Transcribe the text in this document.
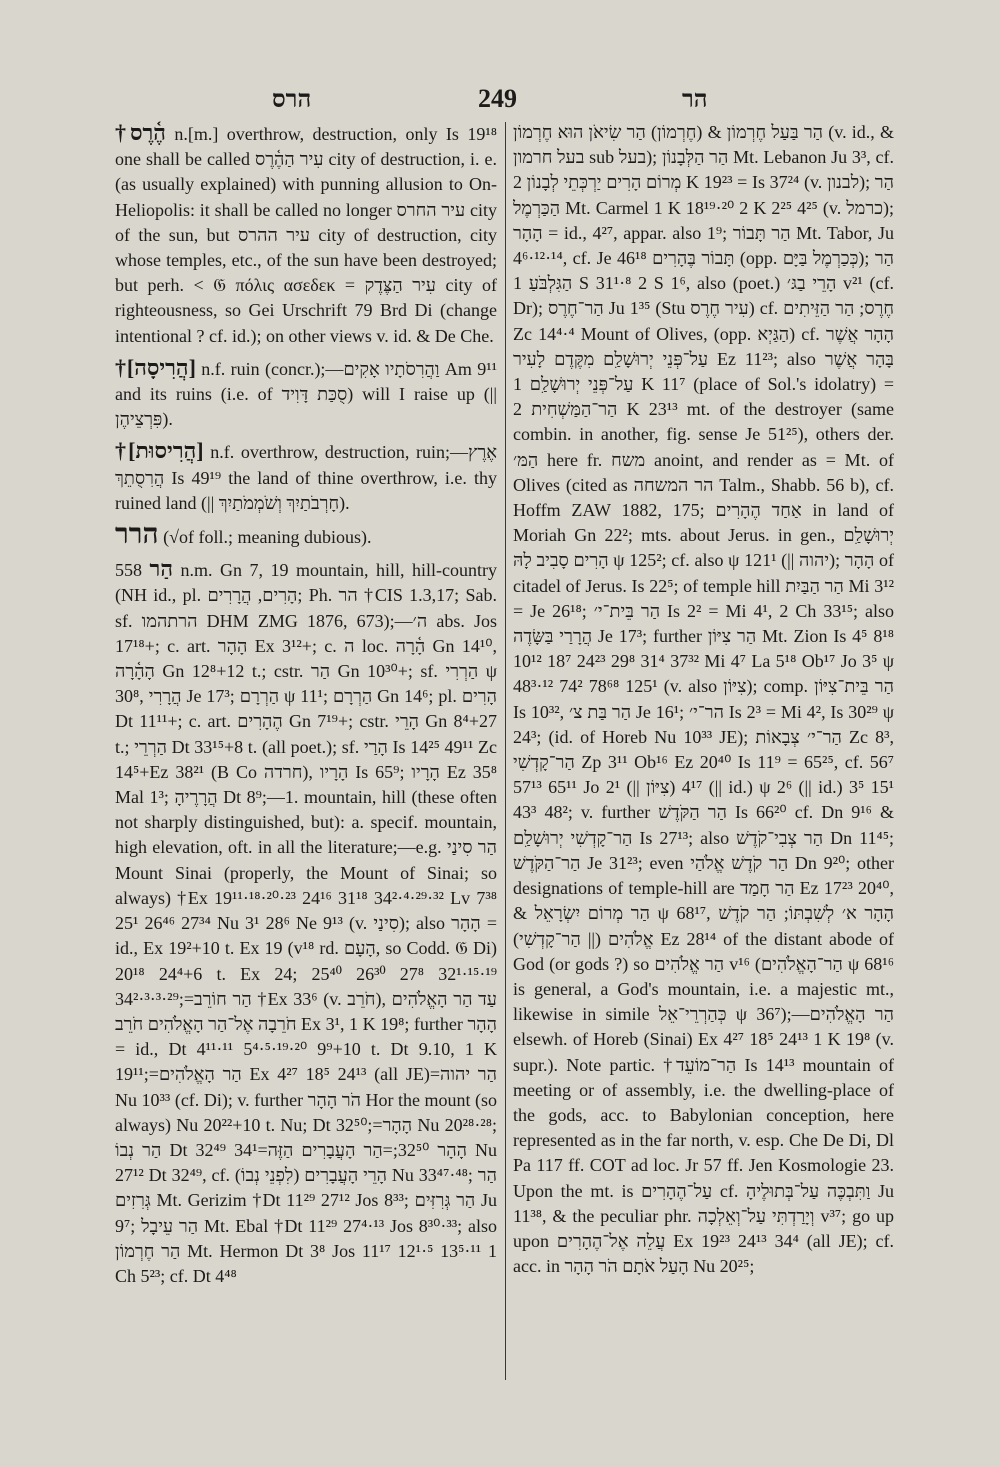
הרס	249	הר

†הֶ֫רֶס n.[m.] overthrow, destruction, only Is 19¹⁸ one shall be called עִיר הַהֶ֫רֶס city of destruction, i. e. (as usually explained) with punning allusion to On-Heliopolis: it shall be called no longer עיר החרס city of the sun, but עיר ההרס city of destruction, city whose temples, etc., of the sun have been destroyed; but perh. < 𝔊 πόλις ασεδεκ = עִיר הַצֶּדֶק city of righteousness, so Gei Urschrift 79 Brd Di (change intentional ? cf. id.); on other views v. id. & De Che.

†[הֲרִיסָה] n.f. ruin (concr.);—וַהֲרִסֹתָיו אָקִים Am 9¹¹ and its ruins (i.e. of סֻכַּת דָּוִיד) will I raise up (|| פִּרְצֵיהֶן).

†[הֲרִיסוּת] n.f. overthrow, destruction, ruin;—אֶרֶץ הֲרִסֻתֵךְ Is 49¹⁹ the land of thine overthrow, i.e. thy ruined land (|| חָרְבֹתַיִךְ וְשֹׁמְמֹתַיִךְ).

הרר (√of foll.; meaning dubious).

הַר 558 n.m. Gn 7, 19 mountain, hill, hill-country (NH id., pl. הָרִים, הֲרָרִים; Ph. הר †CIS 1.3,17; Sab. sf. הרתהמו DHM ZMG 1876, 673);—ה׳ abs. Jos 17¹⁸+; c. art. הָהָר Ex 3¹²+; c. ה loc. הָ֫רָה Gn 14¹⁰, הָהָ֫רָה Gn 12⁸+12 t.; cstr. הַר Gn 10³⁰+; sf. הַרְרִי ψ 30⁸, הֲרָרִי Je 17³; הַרְרָם ψ 11¹; הַרְרָם Gn 14⁶; pl. הָרִים Dt 11¹¹+; c. art. הֶהָרִים Gn 7¹⁹+; cstr. הָרֵי Gn 8⁴+27 t.; הַרְרֵי Dt 33¹⁵+8 t. (all poet.); sf. הָרַי Is 14²⁵ 49¹¹ Zc 14⁵+Ez 38²¹ (B Co חרדה), הָרָיו Is 65⁹; הָרָיו Ez 35⁸ Mal 1³; הֲרָרֶיהָ Dt 8⁹;—1. mountain, hill (these often not sharply distinguished, but): a. specif. mountain, high elevation, oft. in all the literature;—e.g. הַר סִינַי Mount Sinai (properly, the Mount of Sinai; so always) †Ex 19¹¹·¹⁸·²⁰·²³ 24¹⁶ 31¹⁸ 34²·⁴·²⁹·³² Lv 7³⁸ 25¹ 26⁴⁶ 27³⁴ Nu 3¹ 28⁶ Ne 9¹³ (v. סִינַי); also הָהָר = id., Ex 19²+10 t. Ex 19 (v¹⁸ rd. הָעָם, so Codd. 𝔊 Di) 20¹⁸ 24⁴+6 t. Ex 24; 25⁴⁰ 26³⁰ 27⁸ 32¹·¹⁵·¹⁹ 34²·³·³·²⁹;=הַר חוֹרֵב †Ex 33⁶ (v. חֹרֵב), עַד הַר הָאֱלֹהִים חֹרֵבָה אֶל־הַר הָאֱלֹהִים חֹרֵב Ex 3¹, 1 K 19⁸; further הָהָר = id., Dt 4¹¹·¹¹ 5⁴·⁵·¹⁹·²⁰ 9⁹+10 t. Dt 9.10, 1 K 19¹¹;=הַר הָאֱלֹהִים Ex 4²⁷ 18⁵ 24¹³ (all JE)=הַר יהוה Nu 10³³ (cf. Di); v. further הֹר הָהָר Hor the mount (so always) Nu 20²²+10 t. Nu; Dt 32⁵⁰;=הָהָר Nu 20²⁸·²⁸; הַר נְבוֹ Dt 32⁴⁹ 34¹=הָהָר 32⁵⁰;=הַר הָעֲבָרִים הַזֶּה Nu 27¹² Dt 32⁴⁹, cf. הָרֵי הָעֲבָרִים (לִפְנֵי נְבוֹ) Nu 33⁴⁷·⁴⁸; הַר גְּרִזִים Mt. Gerizim †Dt 11²⁹ 27¹² Jos 8³³; הַר גְּרִזִּים Ju 9⁷; הַר עֵיבָל Mt. Ebal †Dt 11²⁹ 27⁴·¹³ Jos 8³⁰·³³; also הַר חֶרְמוֹן Mt. Hermon Dt 3⁸ Jos 11¹⁷ 12¹·⁵ 13⁵·¹¹ 1 Ch 5²³; cf. Dt 4⁴⁸

הַר בַּעַל חֶרְמוֹן & (חֶרְמוֹן) הַר שִׂיאֹן הוּא חֶרְמוֹן (v. id., & בעל חרמון sub בעל); הַר הַלְּבָנוֹן Mt. Lebanon Ju 3³, cf. מְרוֹם הָרִים יַרְכְּתֵי לְבָנוֹן 2 K 19²³ = Is 37²⁴ (v. לבנון); הַר הַכַּרְמֶל Mt. Carmel 1 K 18¹⁹·²⁰ 2 K 2²⁵ 4²⁵ (v. כרמל); הָהָר = id., 4²⁷, appar. also 1⁹; הַר תָּבוֹר Mt. Tabor, Ju 4⁶·¹²·¹⁴, cf. Je 46¹⁸ תָּבוֹר בֶּהָרִים (opp. כְּכַרְמֶל בַּיָּם); הַר הַגִּלְבֹּעַ 1 S 31¹·⁸ 2 S 1⁶, also (poet.) הָרֵי בַגּ׳ v²¹ (cf. Dr); הַר־חֶרֶס Ju 1³⁵ (Stu עִיר חֶרֶס) cf. חֶרֶס; הַר הַזֵּיתִים Zc 14⁴·⁴ Mount of Olives, (opp. הַגַּיְא) cf. הָהָר אֲשֶׁר עַל־פְּנֵי יְרוּשָׁלַ͏ִם מִקֶּדֶם לָעִיר Ez 11²³; also בָּהָר אֲשֶׁר עַל־פְּנֵי יְרוּשָׁלַ͏ִם 1 K 11⁷ (place of Sol.'s idolatry) = הַר־הַמַּשְׁחִית 2 K 23¹³ mt. of the destroyer (same combin. in another, fig. sense Je 51²⁵), others der. הַמּ׳ here fr. משח anoint, and render as = Mt. of Olives (cited as הר המשחה Talm., Shabb. 56 b), cf. Hoffm ZAW 1882, 175; אַחַד הֶהָרִים in land of Moriah Gn 22²; mts. about Jerus. in gen., יְרוּשָׁלַ͏ִם הָרִים סָבִיב לָהּ ψ 125²; cf. also ψ 121¹ (|| יהוה); הָהָר of citadel of Jerus. Is 22⁵; of temple hill הַר הַבַּיִת Mi 3¹² = Je 26¹⁸; הַר בֵּית־י׳ Is 2² = Mi 4¹, 2 Ch 33¹⁵; also הֲרָרַי בַּשָּׂדֶה Je 17³; further הַר צִיּוֹן Mt. Zion Is 4⁵ 8¹⁸ 10¹² 18⁷ 24²³ 29⁸ 31⁴ 37³² Mi 4⁷ La 5¹⁸ Ob¹⁷ Jo 3⁵ ψ 48³·¹² 74² 78⁶⁸ 125¹ (v. also צִיּוֹן); comp. הַר בֵּית־צִיּוֹן Is 10³², הַר בַּת צ׳ Je 16¹; הר־י׳ Is 2³ = Mi 4², Is 30²⁹ ψ 24³; (id. of Horeb Nu 10³³ JE); הַר־י׳ צְבָאוֹת Zc 8³, הַר־קָדְשִׁי Zp 3¹¹ Ob¹⁶ Ez 20⁴⁰ Is 11⁹ = 65²⁵, cf. 56⁷ 57¹³ 65¹¹ Jo 2¹ (|| צִיּוֹן) 4¹⁷ (|| id.) ψ 2⁶ (|| id.) 3⁵ 15¹ 43³ 48²; v. further הַר הַקֹּדֶשׁ Is 66²⁰ cf. Dn 9¹⁶ & הַר־קָדְשִׁי יְרוּשָׁלַ͏ִם Is 27¹³; also הַר צְבִי־קֹדֶשׁ Dn 11⁴⁵; הַר־הַקֹּדֶשׁ Je 31²³; even הַר קֹדֶשׁ אֱלֹהַי Dn 9²⁰; other designations of temple-hill are הַר חָמַד Ez 17²³ 20⁴⁰, & הַר מְרוֹם יִשְׂרָאֵל ψ 68¹⁷, הָהָר א׳ לְשִׁבְתּוֹ; הַר קֹדֶשׁ אֱלֹהִים (|| הַר־קָדְשִׁי) Ez 28¹⁴ of the distant abode of God (or gods ?) so הַר אֱלֹהִים v¹⁶ (הַר־הָאֱלֹהִים ψ 68¹⁶ is general, a God's mountain, i.e. a majestic mt., likewise in simile כְּהַרְרֵי־אֵל ψ 36⁷);—הַר הָאֱלֹהִים elsewh. of Horeb (Sinai) Ex 4²⁷ 18⁵ 24¹³ 1 K 19⁸ (v. supr.). Note partic. †הַר־מוֹעֵד Is 14¹³ mountain of meeting or of assembly, i.e. the dwelling-place of the gods, acc. to Babylonian conception, here represented as in the far north, v. esp. Che De Di, Dl Pa 117 ff. COT ad loc. Jr 57 ff. Jen Kosmologie 23. Upon the mt. is עַל־הֶהָרִים cf. וַתִּבְכֶּה עַל־בְּתוּלֶיהָ Ju 11³⁸, & the peculiar phr. וְיָרַדְתִּי עַל־וְאֵלְכָה v³⁷; go up upon עֲלֵה אֶל־הֶהָרִים Ex 19²³ 24¹³ 34⁴ (all JE); cf. acc. in הָעַל אֹתָם הֹר הָהָר Nu 20²⁵;
